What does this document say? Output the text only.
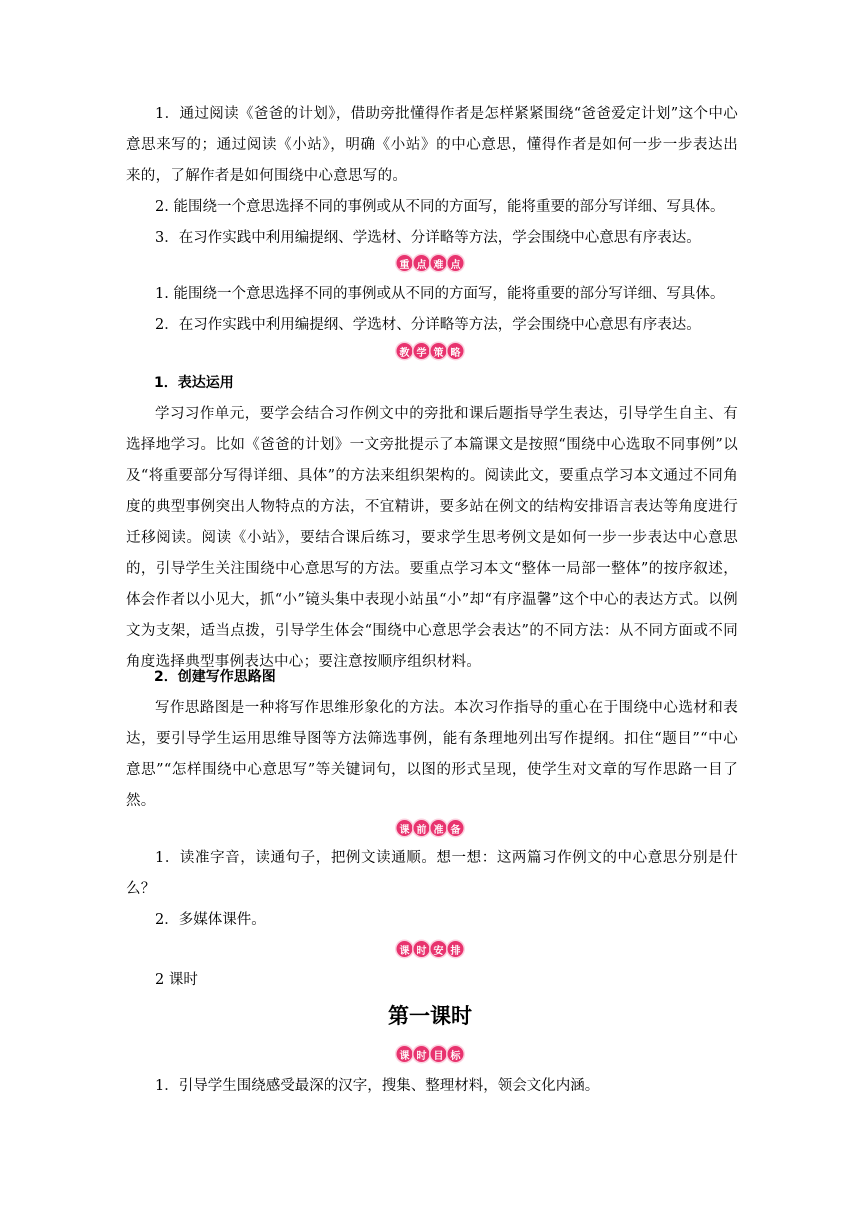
1．通过阅读《爸爸的计划》，借助旁批懂得作者是怎样紧紧围绕“爸爸爱定计划”这个中心意思来写的；通过阅读《小站》，明确《小站》的中心意思，懂得作者是如何一步一步表达出来的，了解作者是如何围绕中心意思写的。

2. 能围绕一个意思选择不同的事例或从不同的方面写，能将重要的部分写详细、写具体。

3．在习作实践中利用编提纲、学选材、分详略等方法，学会围绕中心意思有序表达。

重 点 难 点

1. 能围绕一个意思选择不同的事例或从不同的方面写，能将重要的部分写详细、写具体。

2．在习作实践中利用编提纲、学选材、分详略等方法，学会围绕中心意思有序表达。

教 学 策 略

1．表达运用

学习习作单元，要学会结合习作例文中的旁批和课后题指导学生表达，引导学生自主、有选择地学习。比如《爸爸的计划》一文旁批提示了本篇课文是按照“围绕中心选取不同事例”以及“将重要部分写得详细、具体”的方法来组织架构的。阅读此文，要重点学习本文通过不同角度的典型事例突出人物特点的方法，不宜精讲，要多站在例文的结构安排语言表达等角度进行迁移阅读。阅读《小站》，要结合课后练习，要求学生思考例文是如何一步一步表达中心意思的，引导学生关注围绕中心意思写的方法。要重点学习本文“整体一局部一整体”的按序叙述，体会作者以小见大，抓“小”镜头集中表现小站虽“小”却“有序温馨”这个中心的表达方式。以例文为支架，适当点拨，引导学生体会“围绕中心意思学会表达”的不同方法：从不同方面或不同角度选择典型事例表达中心；要注意按顺序组织材料。

2．创建写作思路图

写作思路图是一种将写作思维形象化的方法。本次习作指导的重心在于围绕中心选材和表达，要引导学生运用思维导图等方法筛选事例，能有条理地列出写作提纲。扣住“题目”“中心意思”“怎样围绕中心意思写”等关键词句，以图的形式呈现，使学生对文章的写作思路一目了然。

课 前 准 备

1．读准字音，读通句子，把例文读通顺。想一想：这两篇习作例文的中心意思分别是什么？

2．多媒体课件。

课 时 安 排

2 课时

第一课时
课 时 目 标

1．引导学生围绕感受最深的汉字，搜集、整理材料，领会文化内涵。
